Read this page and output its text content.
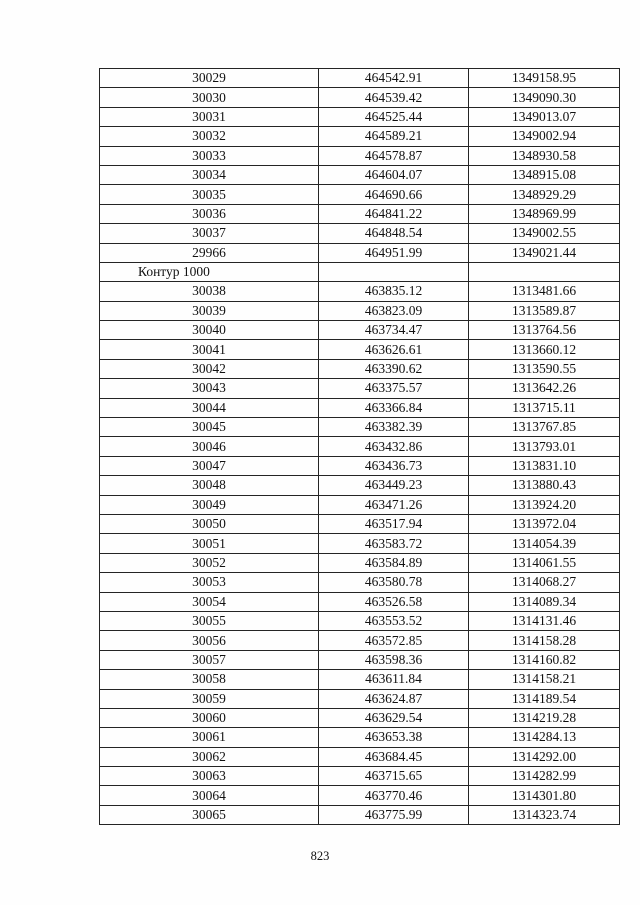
30029	464542.91	1349158.95
30030	464539.42	1349090.30
30031	464525.44	1349013.07
30032	464589.21	1349002.94
30033	464578.87	1348930.58
30034	464604.07	1348915.08
30035	464690.66	1348929.29
30036	464841.22	1348969.99
30037	464848.54	1349002.55
29966	464951.99	1349021.44
Контур 1000		
30038	463835.12	1313481.66
30039	463823.09	1313589.87
30040	463734.47	1313764.56
30041	463626.61	1313660.12
30042	463390.62	1313590.55
30043	463375.57	1313642.26
30044	463366.84	1313715.11
30045	463382.39	1313767.85
30046	463432.86	1313793.01
30047	463436.73	1313831.10
30048	463449.23	1313880.43
30049	463471.26	1313924.20
30050	463517.94	1313972.04
30051	463583.72	1314054.39
30052	463584.89	1314061.55
30053	463580.78	1314068.27
30054	463526.58	1314089.34
30055	463553.52	1314131.46
30056	463572.85	1314158.28
30057	463598.36	1314160.82
30058	463611.84	1314158.21
30059	463624.87	1314189.54
30060	463629.54	1314219.28
30061	463653.38	1314284.13
30062	463684.45	1314292.00
30063	463715.65	1314282.99
30064	463770.46	1314301.80
30065	463775.99	1314323.74
823
